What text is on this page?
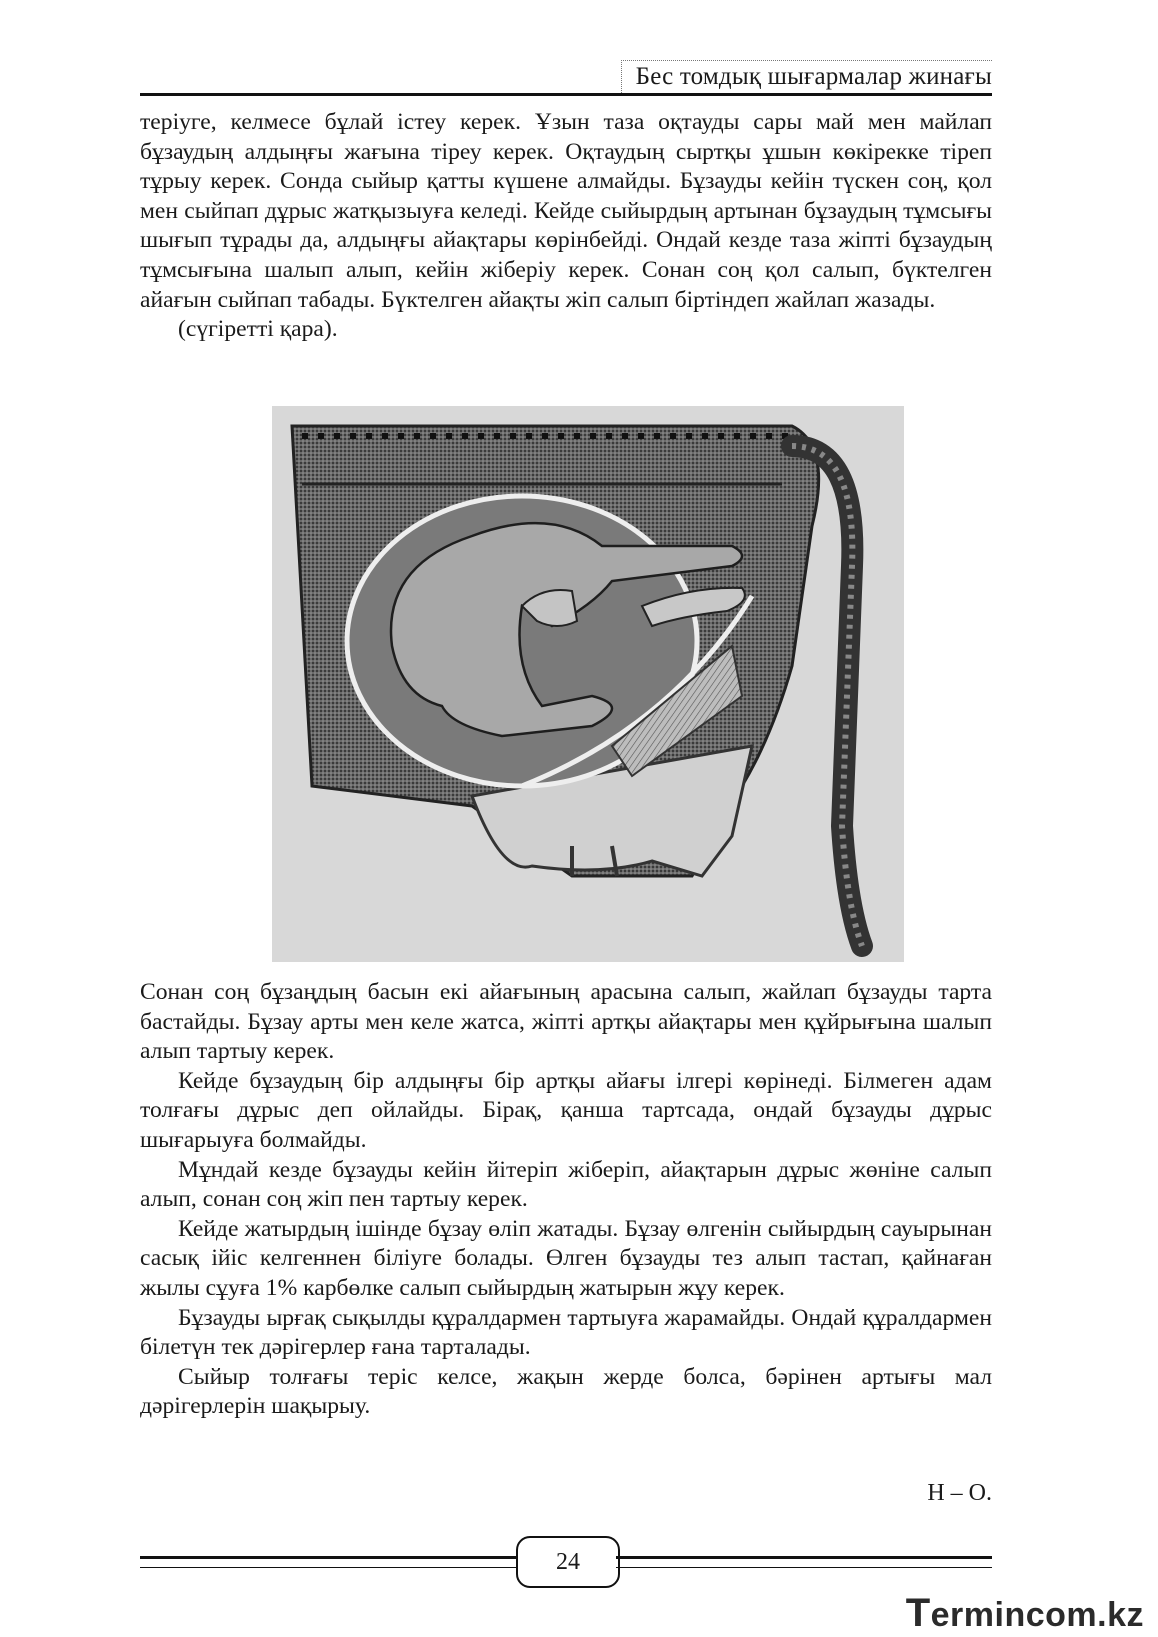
Бес томдық шығармалар жинағы

теріуге, келмесе бұлай істеу керек. Ұзын таза оқтауды сары май мен майлап бұзаудың алдыңғы жағына тіреу керек. Оқтаудың сыртқы ұшын көкірекке тіреп тұрыу керек. Сонда сыйыр қатты күшене алмайды. Бұзауды кейін түскен соң, қол мен сыйпап дұрыс жатқызыуға келеді. Кейде сыйырдың артынан бұзаудың тұмсығы шығып тұрады да, алдыңғы айақтары көрінбейді. Ондай кезде таза жіпті бұзаудың тұмсығына шалып алып, кейін жіберіу керек. Сонан соң қол салып, бүктелген айағын сыйпап табады. Бүктелген айақты жіп салып біртіндеп жайлап жазады.

(сүгіретті қара).

Сонан соң бұзаңдың басын екі айағының арасына салып, жайлап бұзауды тарта бастайды. Бұзау арты мен келе жатса, жіпті артқы айақтары мен құйрығына шалып алып тартыу керек.

Кейде бұзаудың бір алдыңғы бір артқы айағы ілгері көрінеді. Білмеген адам толғағы дұрыс деп ойлайды. Бірақ, қанша тартсада, ондай бұзауды дұрыс шығарыуға болмайды.

Мұндай кезде бұзауды кейін йітеріп жіберіп, айақтарын дұрыс жөніне салып алып, сонан соң жіп пен тартыу керек.

Кейде жатырдың ішінде бұзау өліп жатады. Бұзау өлгенін сыйырдың сауырынан сасық ійіс келгеннен біліуге болады. Өлген бұзауды тез алып тастап, қайнаған жылы сұуға 1% карбөлке салып сыйырдың жатырын жұу керек.

Бұзауды ырғақ сықылды құралдармен тартыуға жарамайды. Ондай құралдармен білетүн тек дәрігерлер ғана тарталады.

Сыйыр толғағы теріс келсе, жақын жерде болса, бәрінен артығы мал дәрігерлерін шақырыу.

Н – О.
24
Termincom.kz
